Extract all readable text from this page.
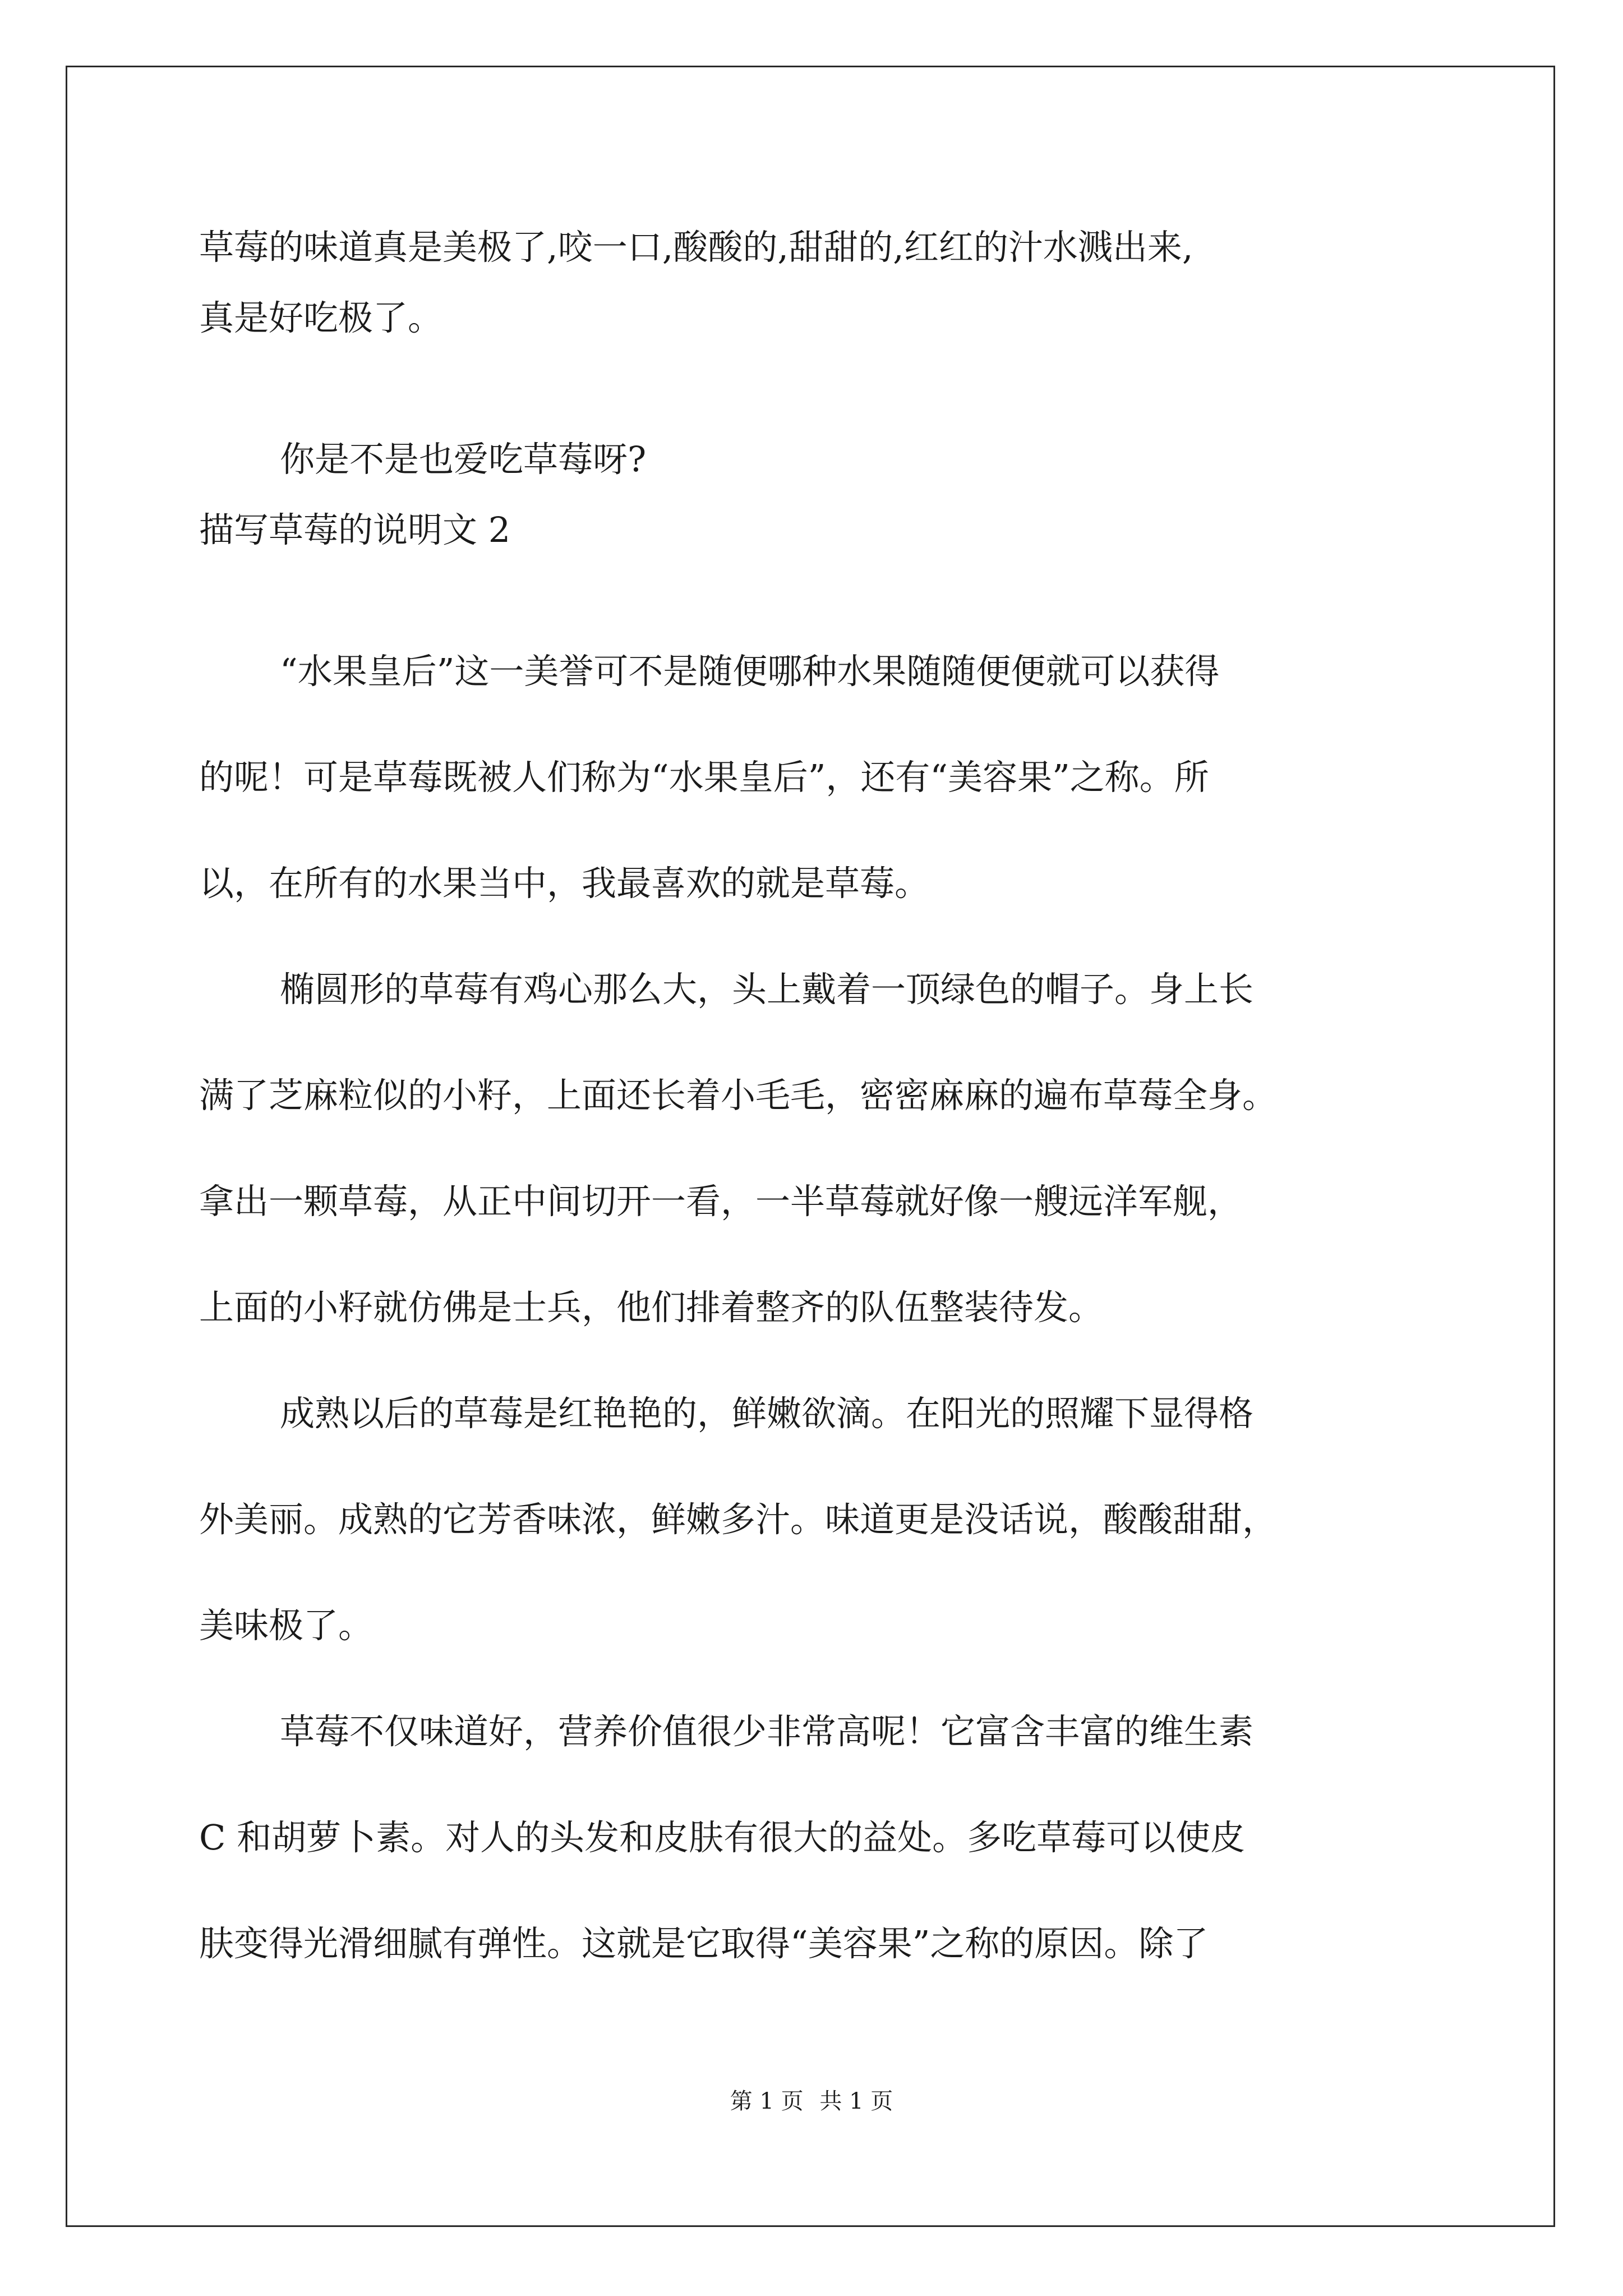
草莓的味道真是美极了,咬一口,酸酸的,甜甜的,红红的汁水溅出来,
真是好吃极了。
你是不是也爱吃草莓呀?
描写草莓的说明文 2
“水果皇后”这一美誉可不是随便哪种水果随随便便就可以获得
的呢！可是草莓既被人们称为“水果皇后”，还有“美容果”之称。所
以，在所有的水果当中，我最喜欢的就是草莓。
椭圆形的草莓有鸡心那么大，头上戴着一顶绿色的帽子。身上长
满了芝麻粒似的小籽，上面还长着小毛毛，密密麻麻的遍布草莓全身。
拿出一颗草莓，从正中间切开一看，一半草莓就好像一艘远洋军舰，
上面的小籽就仿佛是士兵，他们排着整齐的队伍整装待发。
成熟以后的草莓是红艳艳的，鲜嫩欲滴。在阳光的照耀下显得格
外美丽。成熟的它芳香味浓，鲜嫩多汁。味道更是没话说，酸酸甜甜，
美味极了。
草莓不仅味道好，营养价值很少非常高呢！它富含丰富的维生素
C 和胡萝卜素。对人的头发和皮肤有很大的益处。多吃草莓可以使皮
肤变得光滑细腻有弹性。这就是它取得“美容果”之称的原因。除了
第 1 页 共 1 页
